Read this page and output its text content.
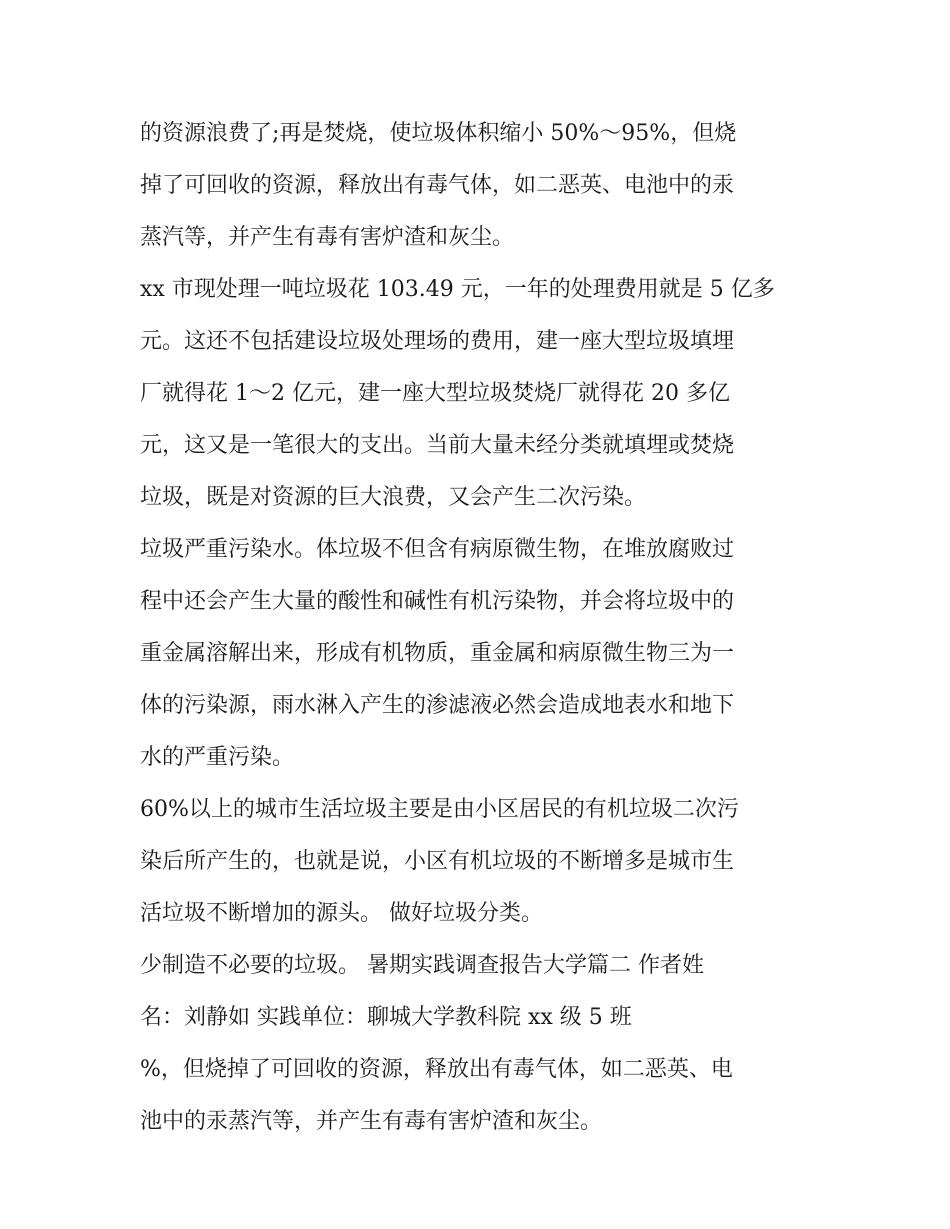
的资源浪费了;再是焚烧，使垃圾体积缩小 50%～95%，但烧
掉了可回收的资源，释放出有毒气体，如二恶英、电池中的汞
蒸汽等，并产生有毒有害炉渣和灰尘。
xx 市现处理一吨垃圾花 103.49 元，一年的处理费用就是 5 亿多
元。这还不包括建设垃圾处理场的费用，建一座大型垃圾填埋
厂就得花 1～2 亿元，建一座大型垃圾焚烧厂就得花 20 多亿
元，这又是一笔很大的支出。当前大量未经分类就填埋或焚烧
垃圾，既是对资源的巨大浪费，又会产生二次污染。
垃圾严重污染水。体垃圾不但含有病原微生物，在堆放腐败过
程中还会产生大量的酸性和碱性有机污染物，并会将垃圾中的
重金属溶解出来，形成有机物质，重金属和病原微生物三为一
体的污染源，雨水淋入产生的渗滤液必然会造成地表水和地下
水的严重污染。
60%以上的城市生活垃圾主要是由小区居民的有机垃圾二次污
染后所产生的，也就是说，小区有机垃圾的不断增多是城市生
活垃圾不断增加的源头。 做好垃圾分类。
少制造不必要的垃圾。 暑期实践调查报告大学篇二 作者姓
名：刘静如 实践单位：聊城大学教科院 xx 级 5 班
%，但烧掉了可回收的资源，释放出有毒气体，如二恶英、电
池中的汞蒸汽等，并产生有毒有害炉渣和灰尘。
